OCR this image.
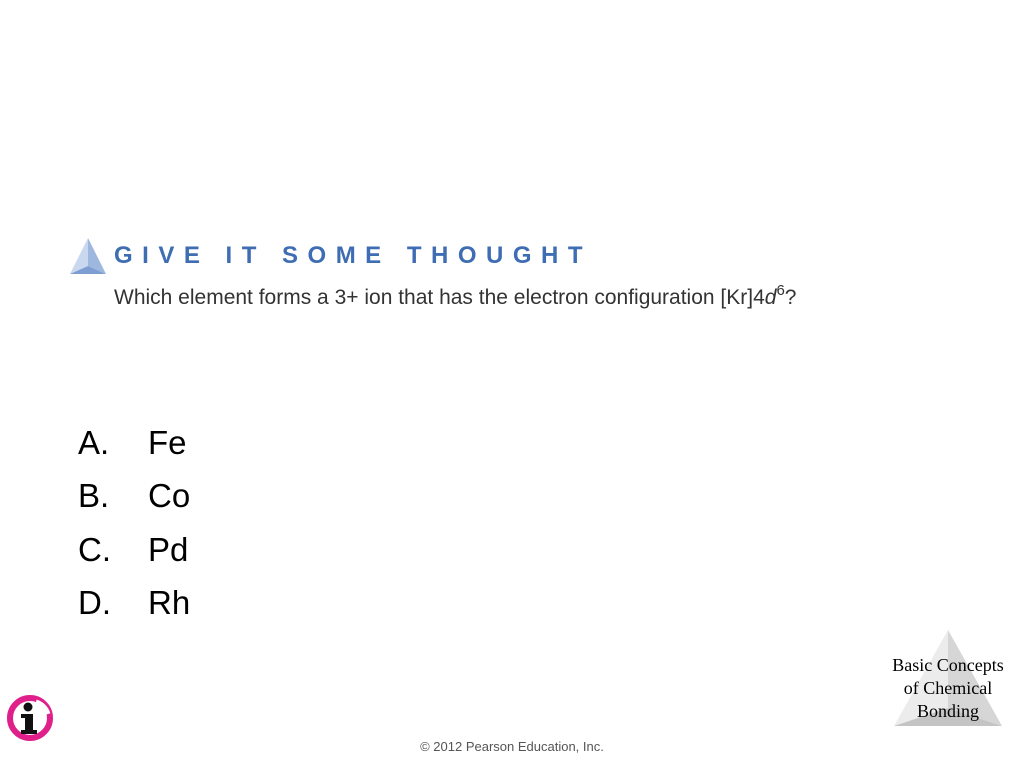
GIVE IT SOME THOUGHT
Which element forms a 3+ ion that has the electron configuration $[Kr]4d^6$?
A.	Fe
B.	Co
C.	Pd
D.	Rh
Basic Concepts
of Chemical
Bonding
© 2012 Pearson Education, Inc.
